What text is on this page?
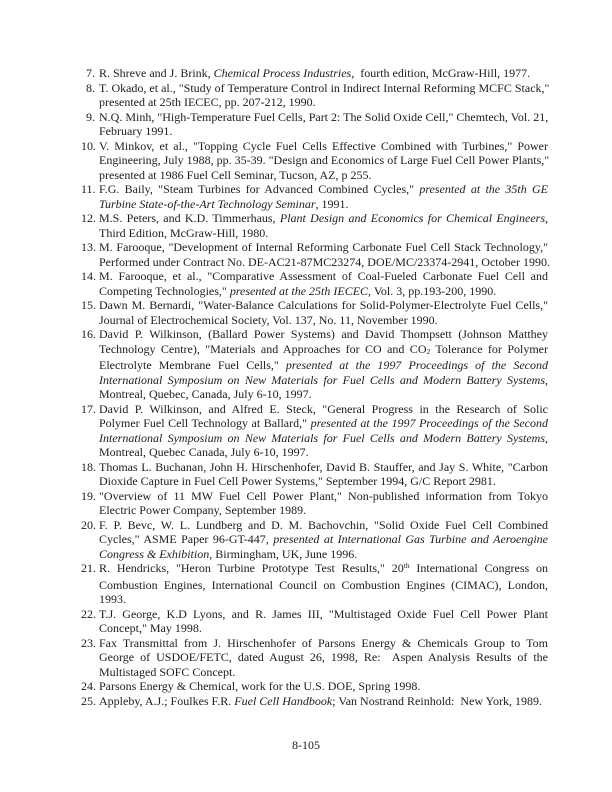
7. R. Shreve and J. Brink, Chemical Process Industries,  fourth edition, McGraw-Hill, 1977.
8. T. Okado, et al., "Study of Temperature Control in Indirect Internal Reforming MCFC Stack,"
presented at 25th IECEC, pp. 207-212, 1990.
9. N.Q. Minh, "High-Temperature Fuel Cells, Part 2: The Solid Oxide Cell," Chemtech, Vol. 21,
February 1991.
10. V. Minkov, et al., "Topping Cycle Fuel Cells Effective Combined with Turbines," Power
Engineering, July 1988, pp. 35-39. "Design and Economics of Large Fuel Cell Power Plants,"
presented at 1986 Fuel Cell Seminar, Tucson, AZ, p 255.
11. F.G. Baily, "Steam Turbines for Advanced Combined Cycles," presented at the 35th GE
Turbine State-of-the-Art Technology Seminar, 1991.
12. M.S. Peters, and K.D. Timmerhaus, Plant Design and Economics for Chemical Engineers,
Third Edition, McGraw-Hill, 1980.
13. M. Farooque, "Development of Internal Reforming Carbonate Fuel Cell Stack Technology,"
Performed under Contract No. DE-AC21-87MC23274, DOE/MC/23374-2941, October 1990.
14. M. Farooque, et al., "Comparative Assessment of Coal-Fueled Carbonate Fuel Cell and
Competing Technologies," presented at the 25th IECEC, Vol. 3, pp.193-200, 1990.
15. Dawn M. Bernardi, "Water-Balance Calculations for Solid-Polymer-Electrolyte Fuel Cells,"
Journal of Electrochemical Society, Vol. 137, No. 11, November 1990.
16. David P. Wilkinson, (Ballard Power Systems) and David Thompsett (Johnson Matthey
Technology Centre), "Materials and Approaches for CO and CO2 Tolerance for Polymer
Electrolyte Membrane Fuel Cells," presented at the 1997 Proceedings of the Second
International Symposium on New Materials for Fuel Cells and Modern Battery Systems,
Montreal, Quebec, Canada, July 6-10, 1997.
17. David P. Wilkinson, and Alfred E. Steck, "General Progress in the Research of Solic
Polymer Fuel Cell Technology at Ballard," presented at the 1997 Proceedings of the Second
International Symposium on New Materials for Fuel Cells and Modern Battery Systems,
Montreal, Quebec Canada, July 6-10, 1997.
18. Thomas L. Buchanan, John H. Hirschenhofer, David B. Stauffer, and Jay S. White, "Carbon
Dioxide Capture in Fuel Cell Power Systems," September 1994, G/C Report 2981.
19. "Overview of 11 MW Fuel Cell Power Plant," Non-published information from Tokyo
Electric Power Company, September 1989.
20. F. P. Bevc, W. L. Lundberg and D. M. Bachovchin, "Solid Oxide Fuel Cell Combined
Cycles," ASME Paper 96-GT-447, presented at International Gas Turbine and Aeroengine
Congress & Exhibition, Birmingham, UK, June 1996.
21. R. Hendricks, "Heron Turbine Prototype Test Results," 20th International Congress on
Combustion Engines, International Council on Combustion Engines (CIMAC), London,
1993.
22. T.J. George, K.D Lyons, and R. James III, "Multistaged Oxide Fuel Cell Power Plant
Concept," May 1998.
23. Fax Transmittal from J. Hirschenhofer of Parsons Energy & Chemicals Group to Tom
George of USDOE/FETC, dated August 26, 1998, Re:  Aspen Analysis Results of the
Multistaged SOFC Concept.
24. Parsons Energy & Chemical, work for the U.S. DOE, Spring 1998.
25. Appleby, A.J.; Foulkes F.R. Fuel Cell Handbook; Van Nostrand Reinhold:  New York, 1989.
8-105
